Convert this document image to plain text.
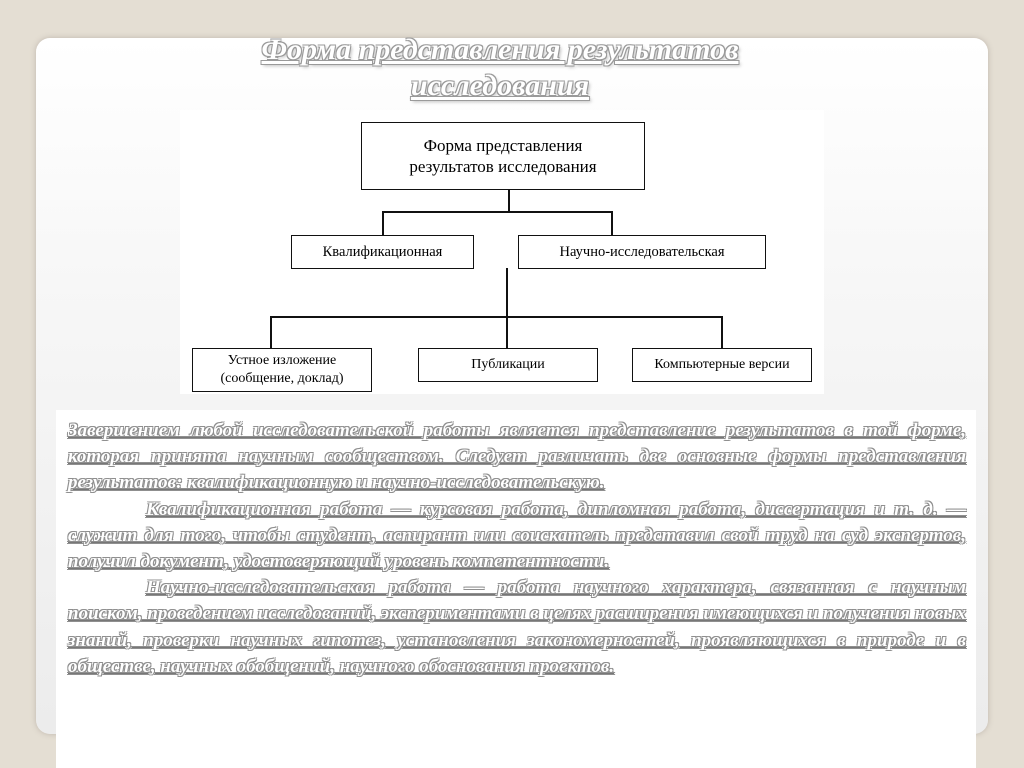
Форма представления результатов исследования
Форма представления результатов исследования
Квалификационная	Научно-исследовательская
Устное изложение (сообщение, доклад)
Публикации	Компьютерные версии

Завершением любой исследовательской работы является представление результатов в той форме, которая принята научным сообществом. Следует различать две основные формы представления результатов: квалификационную и научно-исследовательскую.

Квалификационная работа — курсовая работа, дипломная работа, диссертация и т. д. — служит для того, чтобы студент, аспирант или соискатель представил свой труд на суд экспертов, получил документ, удостоверяющий уровень компетентности.

Научно-исследовательская работа — работа научного характера, связанная с научным поиском, проведением исследований, экспериментами в целях расширения имеющихся и получения новых знаний, проверки научных гипотез, установления закономерностей, проявляющихся в природе и в обществе, научных обобщений, научного обоснования проектов.
